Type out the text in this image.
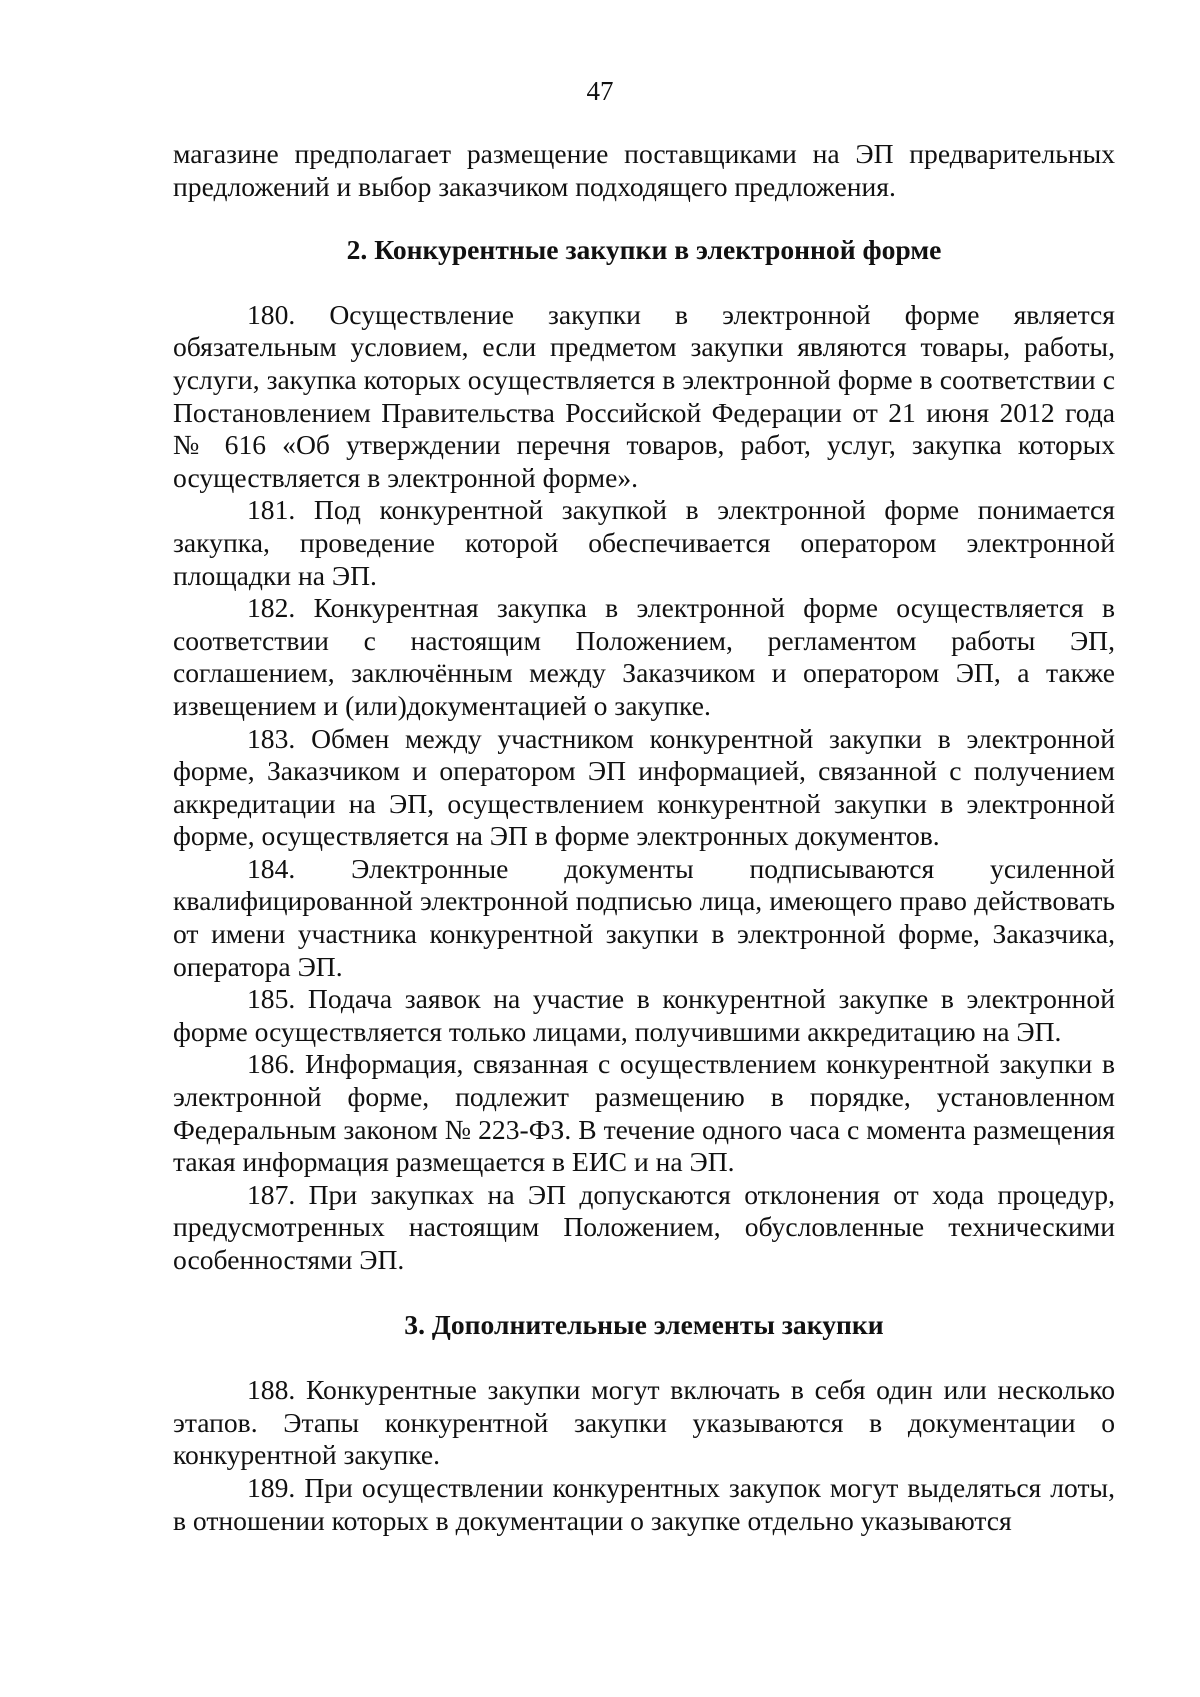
47

магазине предполагает размещение поставщиками на ЭП предварительных предложений и выбор заказчиком подходящего предложения.

2. Конкурентные закупки в электронной форме

180. Осуществление закупки в электронной форме является обязательным условием, если предметом закупки являются товары, работы, услуги, закупка которых осуществляется в электронной форме в соответствии с Постановлением Правительства Российской Федерации от 21 июня 2012 года № 616 «Об утверждении перечня товаров, работ, услуг, закупка которых осуществляется в электронной форме».

181. Под конкурентной закупкой в электронной форме понимается закупка, проведение которой обеспечивается оператором электронной площадки на ЭП.

182. Конкурентная закупка в электронной форме осуществляется в соответствии с настоящим Положением, регламентом работы ЭП, соглашением, заключённым между Заказчиком и оператором ЭП, а также извещением и (или)документацией о закупке.

183. Обмен между участником конкурентной закупки в электронной форме, Заказчиком и оператором ЭП информацией, связанной с получением аккредитации на ЭП, осуществлением конкурентной закупки в электронной форме, осуществляется на ЭП в форме электронных документов.

184. Электронные документы подписываются усиленной квалифицированной электронной подписью лица, имеющего право действовать от имени участника конкурентной закупки в электронной форме, Заказчика, оператора ЭП.

185. Подача заявок на участие в конкурентной закупке в электронной форме осуществляется только лицами, получившими аккредитацию на ЭП.

186. Информация, связанная с осуществлением конкурентной закупки в электронной форме, подлежит размещению в порядке, установленном Федеральным законом № 223-ФЗ. В течение одного часа с момента размещения такая информация размещается в ЕИС и на ЭП.

187. При закупках на ЭП допускаются отклонения от хода процедур, предусмотренных настоящим Положением, обусловленные техническими особенностями ЭП.

3. Дополнительные элементы закупки

188. Конкурентные закупки могут включать в себя один или несколько этапов. Этапы конкурентной закупки указываются в документации о конкурентной закупке.

189. При осуществлении конкурентных закупок могут выделяться лоты, в отношении которых в документации о закупке отдельно указываются
